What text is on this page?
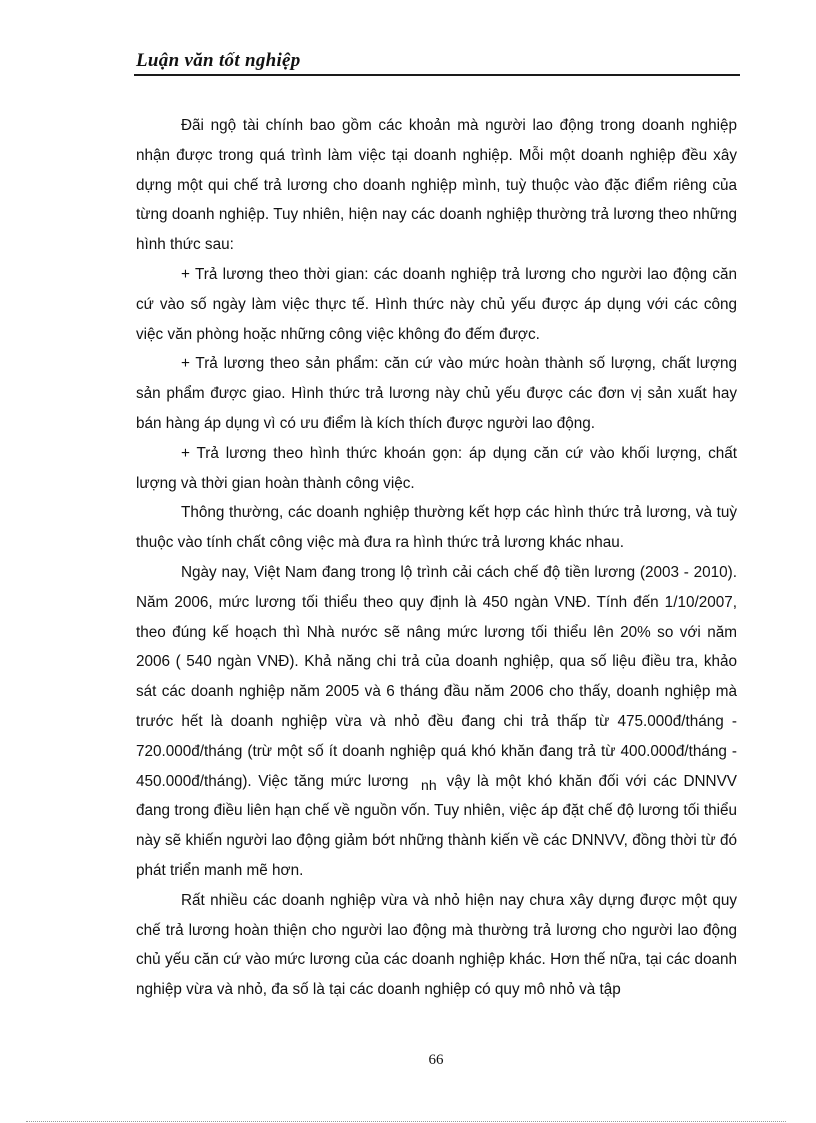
Luận văn tốt nghiệp

Đãi ngộ tài chính bao gồm các khoản mà người lao động trong doanh nghiệp nhận được trong quá trình làm việc tại doanh nghiệp. Mỗi một doanh nghiệp đều xây dựng một qui chế trả lương cho doanh nghiệp mình, tuỳ thuộc vào đặc điểm riêng của từng doanh nghiệp. Tuy nhiên, hiện nay các doanh nghiệp thường trả lương theo những hình thức sau:

+ Trả lương theo thời gian: các doanh nghiệp trả lương cho người lao động căn cứ vào số ngày làm việc thực tế. Hình thức này chủ yếu được áp dụng với các công việc văn phòng hoặc những công việc không đo đếm được.

+ Trả lương theo sản phẩm: căn cứ vào mức hoàn thành số lượng, chất lượng sản phẩm được giao. Hình thức trả lương này chủ yếu được các đơn vị sản xuất hay bán hàng áp dụng vì có ưu điểm là kích thích được người lao động.

+ Trả lương theo hình thức khoán gọn: áp dụng căn cứ vào khối lượng, chất lượng và thời gian hoàn thành công việc.

Thông thường, các doanh nghiệp thường kết hợp các hình thức trả lương, và tuỳ thuộc vào tính chất công việc mà đưa ra hình thức trả lương khác nhau.

Ngày nay, Việt Nam đang trong lộ trình cải cách chế độ tiền lương (2003 - 2010). Năm 2006, mức lương tối thiểu theo quy định là 450 ngàn VNĐ. Tính đến 1/10/2007, theo đúng kế hoạch thì Nhà nước sẽ nâng mức lương tối thiểu lên 20% so với năm 2006 ( 540 ngàn VNĐ). Khả năng chi trả của doanh nghiệp, qua số liệu điều tra, khảo sát các doanh nghiệp năm 2005 và 6 tháng đầu năm 2006 cho thấy, doanh nghiệp mà trước hết là doanh nghiệp vừa và nhỏ đều đang chi trả thấp từ 475.000đ/tháng - 720.000đ/tháng (trừ một số ít doanh nghiệp quá khó khăn đang trả từ 400.000đ/tháng - 450.000đ/tháng). Việc tăng mức lương nh vậy là một khó khăn đối với các DNNVV đang trong điều liên hạn chế về nguồn vốn. Tuy nhiên, việc áp đặt chế độ lương tối thiểu này sẽ khiến người lao động giảm bớt những thành kiến về các DNNVV, đồng thời từ đó phát triển manh mẽ hơn.

Rất nhiều các doanh nghiệp vừa và nhỏ hiện nay chưa xây dựng được một quy chế trả lương hoàn thiện cho người lao động mà thường trả lương cho người lao động chủ yếu căn cứ vào mức lương của các doanh nghiệp khác. Hơn thế nữa, tại các doanh nghiệp vừa và nhỏ, đa số là tại các doanh nghiệp có quy mô nhỏ và tập

66
